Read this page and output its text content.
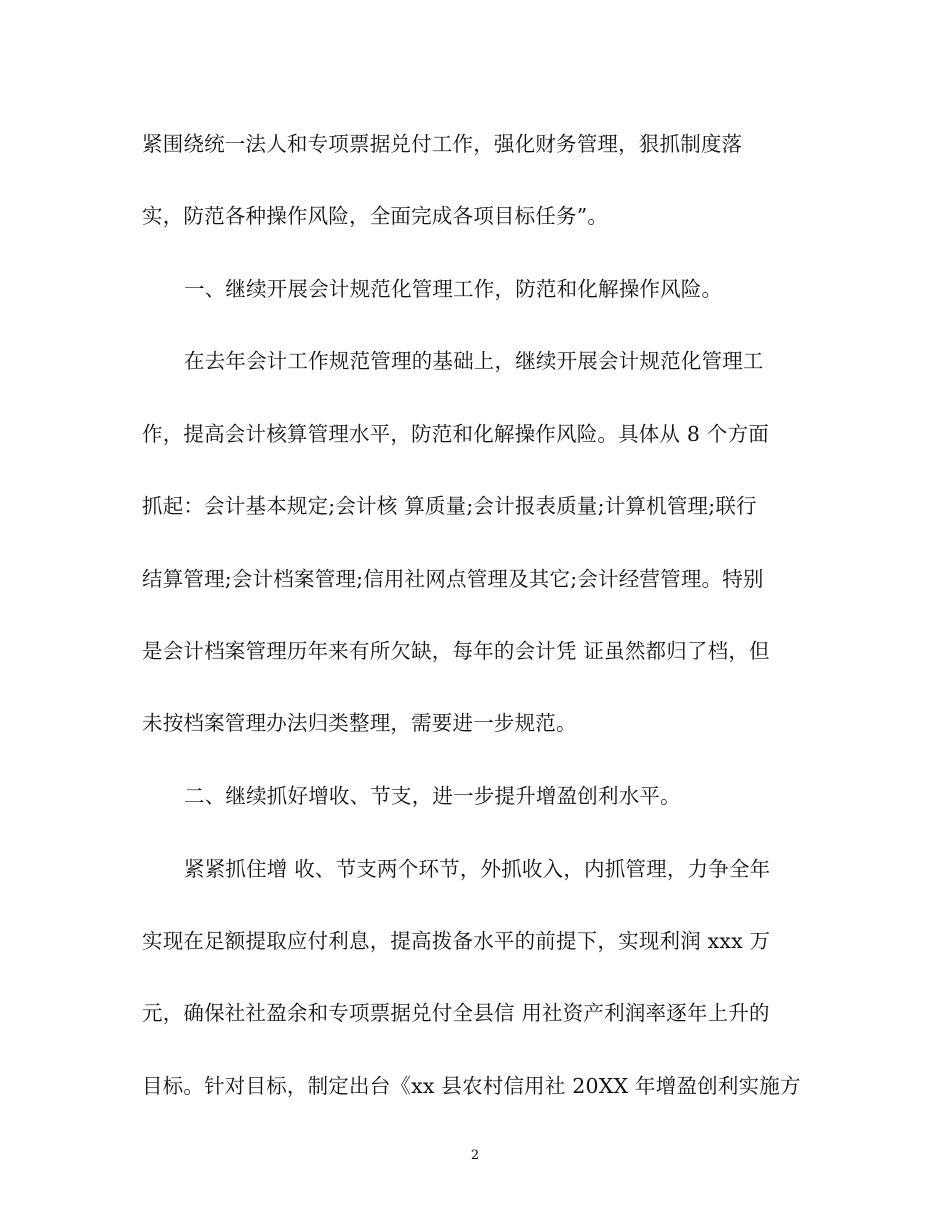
紧围绕统一法人和专项票据兑付工作，强化财务管理，狠抓制度落
实，防范各种操作风险，全面完成各项目标任务”。
一、继续开展会计规范化管理工作，防范和化解操作风险。
在去年会计工作规范管理的基础上，继续开展会计规范化管理工
作，提高会计核算管理水平，防范和化解操作风险。具体从 8 个方面
抓起：会计基本规定;会计核 算质量;会计报表质量;计算机管理;联行
结算管理;会计档案管理;信用社网点管理及其它;会计经营管理。特别
是会计档案管理历年来有所欠缺，每年的会计凭 证虽然都归了档，但
未按档案管理办法归类整理，需要进一步规范。
二、继续抓好增收、节支，进一步提升增盈创利水平。
紧紧抓住增 收、节支两个环节，外抓收入，内抓管理，力争全年
实现在足额提取应付利息，提高拨备水平的前提下，实现利润 xxx 万
元，确保社社盈余和专项票据兑付全县信 用社资产利润率逐年上升的
目标。针对目标，制定出台《xx 县农村信用社 20XX 年增盈创利实施方
2
